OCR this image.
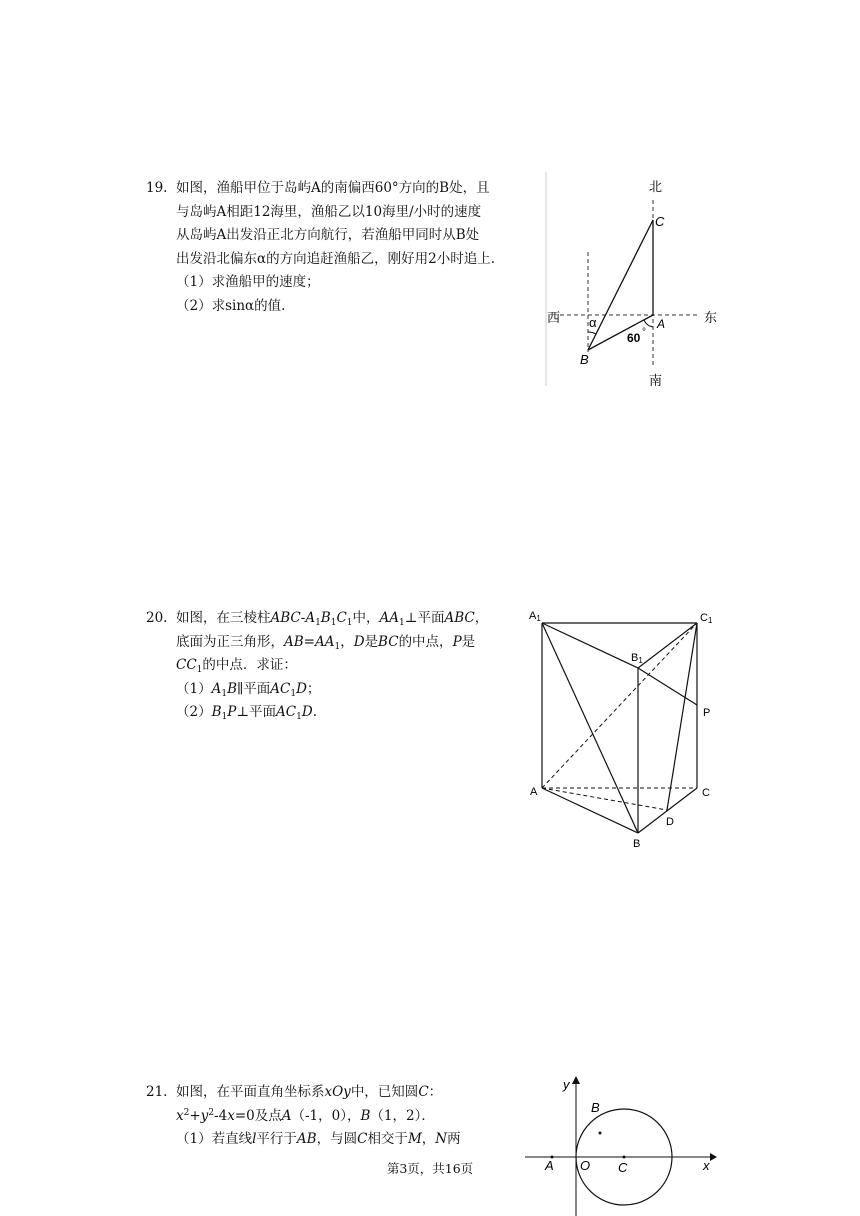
19. 如图，渔船甲位于岛屿A的南偏西60°方向的B处，且

与岛屿A相距12海里，渔船乙以10海里/小时的速度

从岛屿A出发沿正北方向航行，若渔船甲同时从B处

出发沿北偏东α的方向追赶渔船乙，刚好用2小时追上.

（1）求渔船甲的速度；

（2）求sinα的值.

北
南
西	东
C
A
B
α
60 °
20. 如图，在三棱柱ABC-$A_1B_1C_1$中，$AA_1\perp$平面ABC，

底面为正三角形，$AB=AA_1$，D是BC的中点，P是

$CC_1$的中点．求证：

$(1)A_1B\parallel$平面$AC_1D$；

$(2)B_1P\perp$平面$AC_1D$.

A1	C1
B1
P
A	C
D
B
21. 如图，在平面直角坐标系xOy中，已知圆C：

$x^2+y^2-4x=0$及点A（-1，0），B（1，2）．

（1）若直线l平行于AB，与圆C相交于M，N两

y
x
O
A
B
C
第3页，共16页
